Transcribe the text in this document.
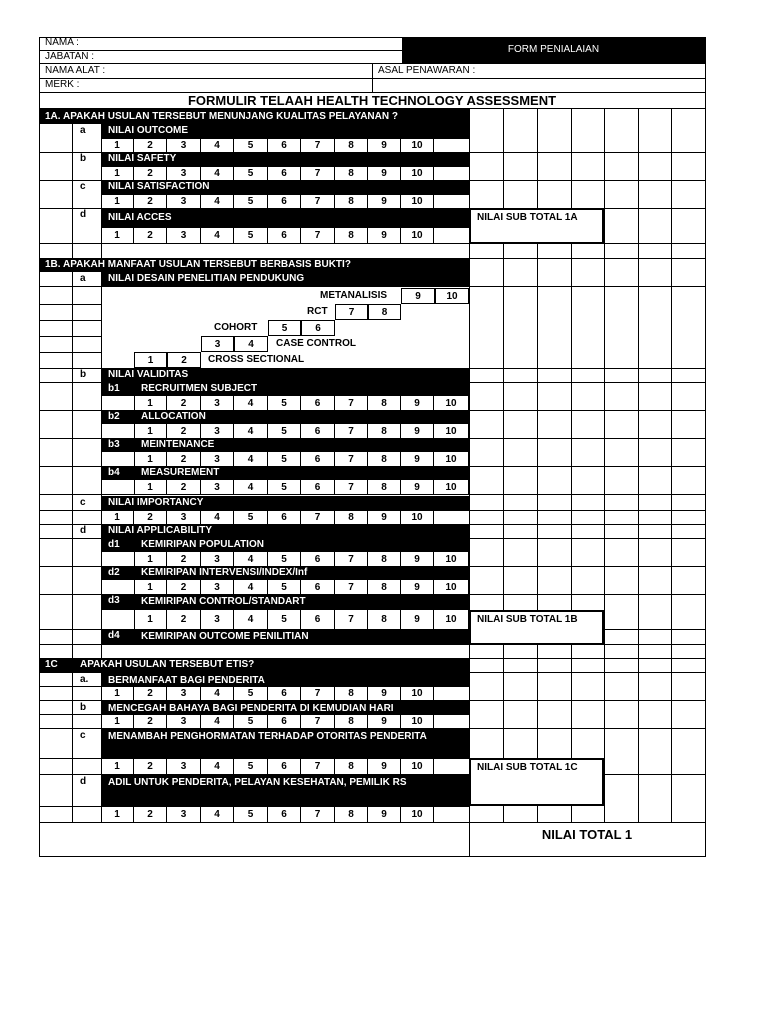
FORM PENIALAIAN
NAMA :
JABATAN :
NAMA ALAT :
MERK :
ASAL PENAWARAN :
FORMULIR TELAAH HEALTH TECHNOLOGY ASSESSMENT
1A. APAKAH USULAN TERSEBUT MENUNJANG KUALITAS PELAYANAN ?
a NILAI OUTCOME
1	2	3	4	5	6	7	8	9	10
b NILAI SAFETY
1	2	3	4	5	6	7	8	9	10
c NILAI SATISFACTION
1	2	3	4	5	6	7	8	9	10
d NILAI ACCES
1	2	3	4	5	6	7	8	9	10
NILAI SUB TOTAL 1A
1B. APAKAH MANFAAT USULAN TERSEBUT BERBASIS BUKTI?
a NILAI DESAIN PENELITIAN PENDUKUNG
METANALISIS	9	10
RCT	7	8
COHORT	5	6
3	4	CASE CONTROL
1	2	CROSS SECTIONAL
b NILAI VALIDITAS
b1 RECRUITMEN SUBJECT
1	2	3	4	5	6	7	8	9	10
b2 ALLOCATION
1	2	3	4	5	6	7	8	9	10
b3 MEINTENANCE
1	2	3	4	5	6	7	8	9	10
b4 MEASUREMENT
1	2	3	4	5	6	7	8	9	10
c NILAI IMPORTANCY
1	2	3	4	5	6	7	8	9	10
d NILAI APPLICABILITY
d1 KEMIRIPAN POPULATION
1	2	3	4	5	6	7	8	9	10
d2 KEMIRIPAN INTERVENSI/INDEX/Inf
1	2	3	4	5	6	7	8	9	10
d3 KEMIRIPAN CONTROL/STANDART
1	2	3	4	5	6	7	8	9	10
d4 KEMIRIPAN OUTCOME PENILITIAN
NILAI SUB TOTAL 1B
1C APAKAH USULAN TERSEBUT ETIS?
a. BERMANFAAT BAGI PENDERITA
1	2	3	4	5	6	7	8	9	10
b MENCEGAH BAHAYA BAGI PENDERITA DI KEMUDIAN HARI
1	2	3	4	5	6	7	8	9	10
c MENAMBAH PENGHORMATAN TERHADAP OTORITAS PENDERITA
1	2	3	4	5	6	7	8	9	10
d ADIL UNTUK PENDERITA, PELAYAN KESEHATAN, PEMILIK RS
1	2	3	4	5	6	7	8	9	10
NILAI SUB TOTAL 1C
NILAI TOTAL 1
